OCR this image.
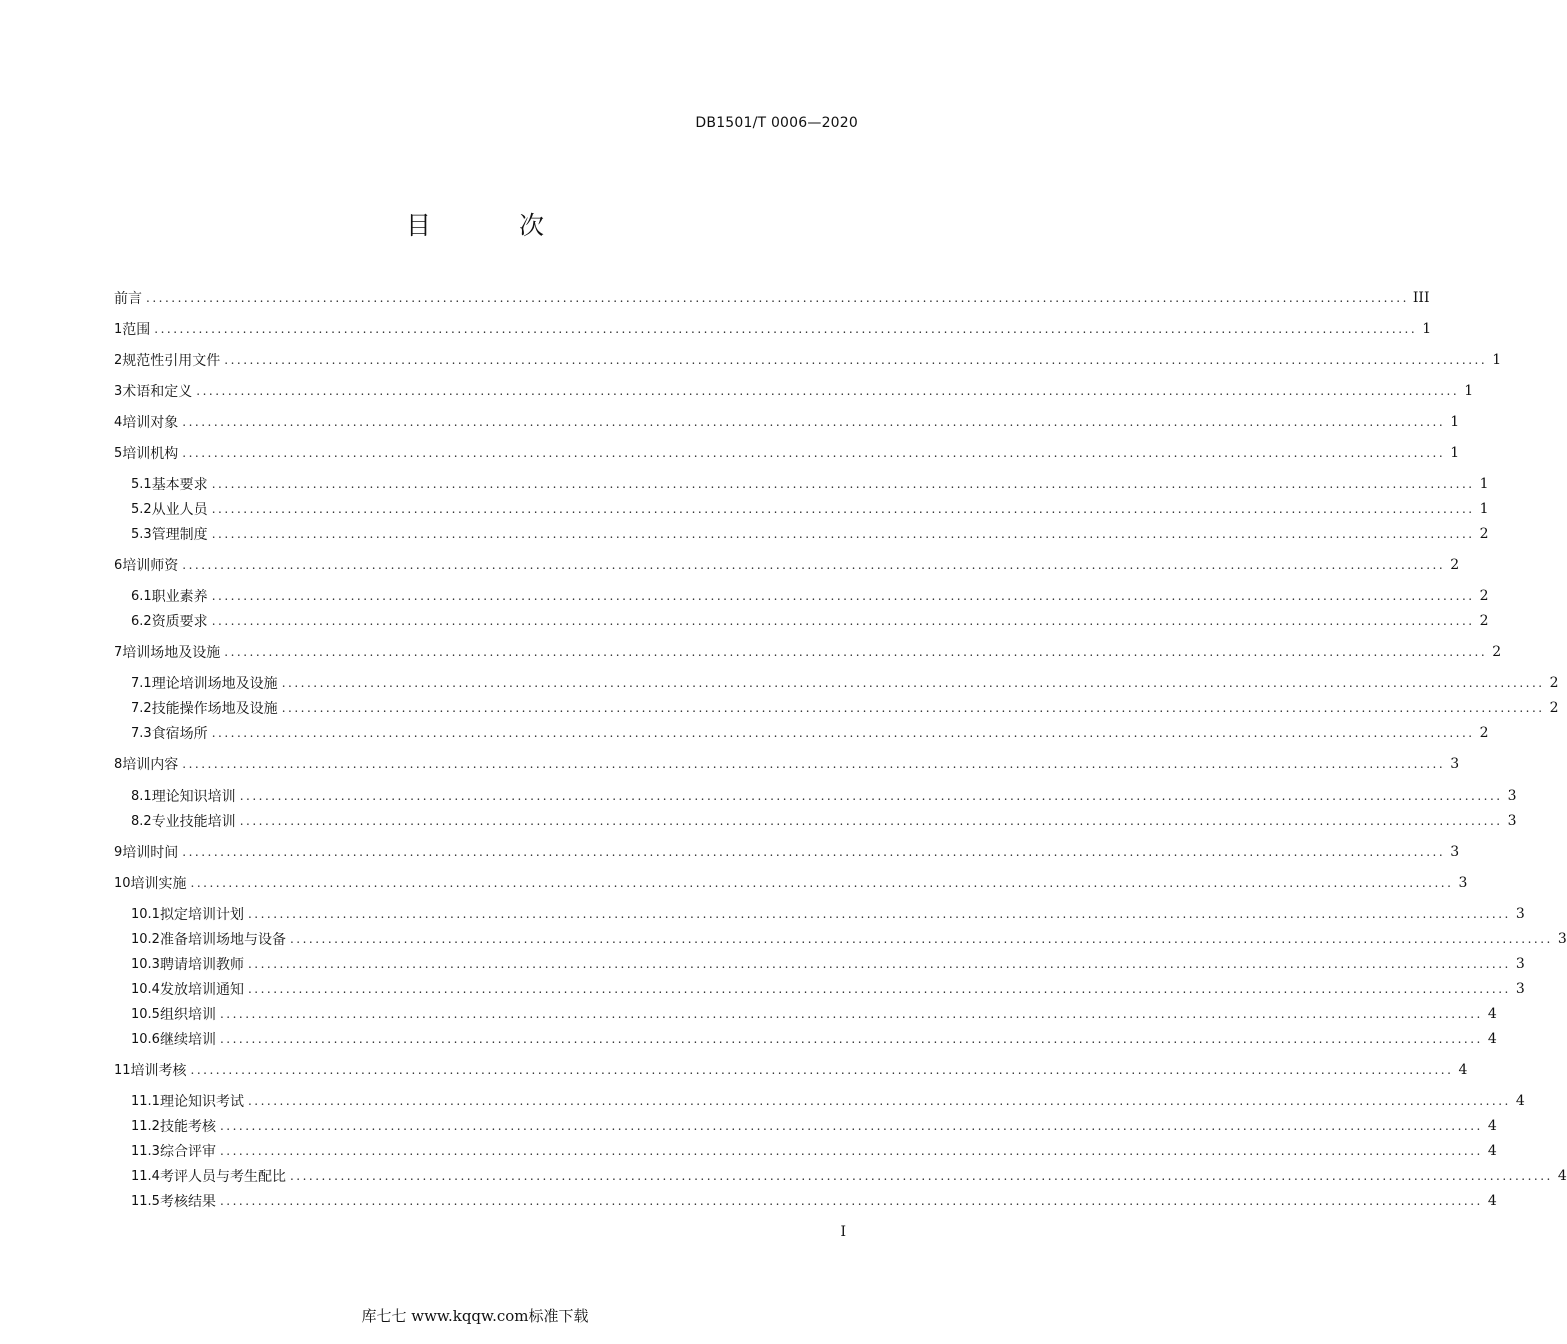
DB1501/T 0006—2020
目 次
前 言 ........................................................................................................................................................................................................ III
1 范围 ........................................................................................................................................................................................................ 1
2 规范性引用文件 ........................................................................................................................................................................................................ 1
3 术语和定义 ........................................................................................................................................................................................................ 1
4 培训对象 ........................................................................................................................................................................................................ 1
5 培训机构 ........................................................................................................................................................................................................ 1
5.1 基本要求 ........................................................................................................................................................................................................ 1
5.2 从业人员 ........................................................................................................................................................................................................ 1
5.3 管理制度 ........................................................................................................................................................................................................ 2
6 培训师资 ........................................................................................................................................................................................................ 2
6.1 职业素养 ........................................................................................................................................................................................................ 2
6.2 资质要求 ........................................................................................................................................................................................................ 2
7 培训场地及设施 ........................................................................................................................................................................................................ 2
7.1 理论培训场地及设施 ........................................................................................................................................................................................................ 2
7.2 技能操作场地及设施 ........................................................................................................................................................................................................ 2
7.3 食宿场所 ........................................................................................................................................................................................................ 2
8 培训内容 ........................................................................................................................................................................................................ 3
8.1 理论知识培训 ........................................................................................................................................................................................................ 3
8.2 专业技能培训 ........................................................................................................................................................................................................ 3
9 培训时间 ........................................................................................................................................................................................................ 3
10 培训实施 ........................................................................................................................................................................................................ 3
10.1 拟定培训计划 ........................................................................................................................................................................................................ 3
10.2 准备培训场地与设备 ........................................................................................................................................................................................................ 3
10.3 聘请培训教师 ........................................................................................................................................................................................................ 3
10.4 发放培训通知 ........................................................................................................................................................................................................ 3
10.5 组织培训 ........................................................................................................................................................................................................ 4
10.6 继续培训 ........................................................................................................................................................................................................ 4
11 培训考核 ........................................................................................................................................................................................................ 4
11.1 理论知识考试 ........................................................................................................................................................................................................ 4
11.2 技能考核 ........................................................................................................................................................................................................ 4
11.3 综合评审 ........................................................................................................................................................................................................ 4
11.4 考评人员与考生配比 ........................................................................................................................................................................................................ 4
11.5 考核结果 ........................................................................................................................................................................................................ 4
I
库七七 www.kqqw.com标准下载
